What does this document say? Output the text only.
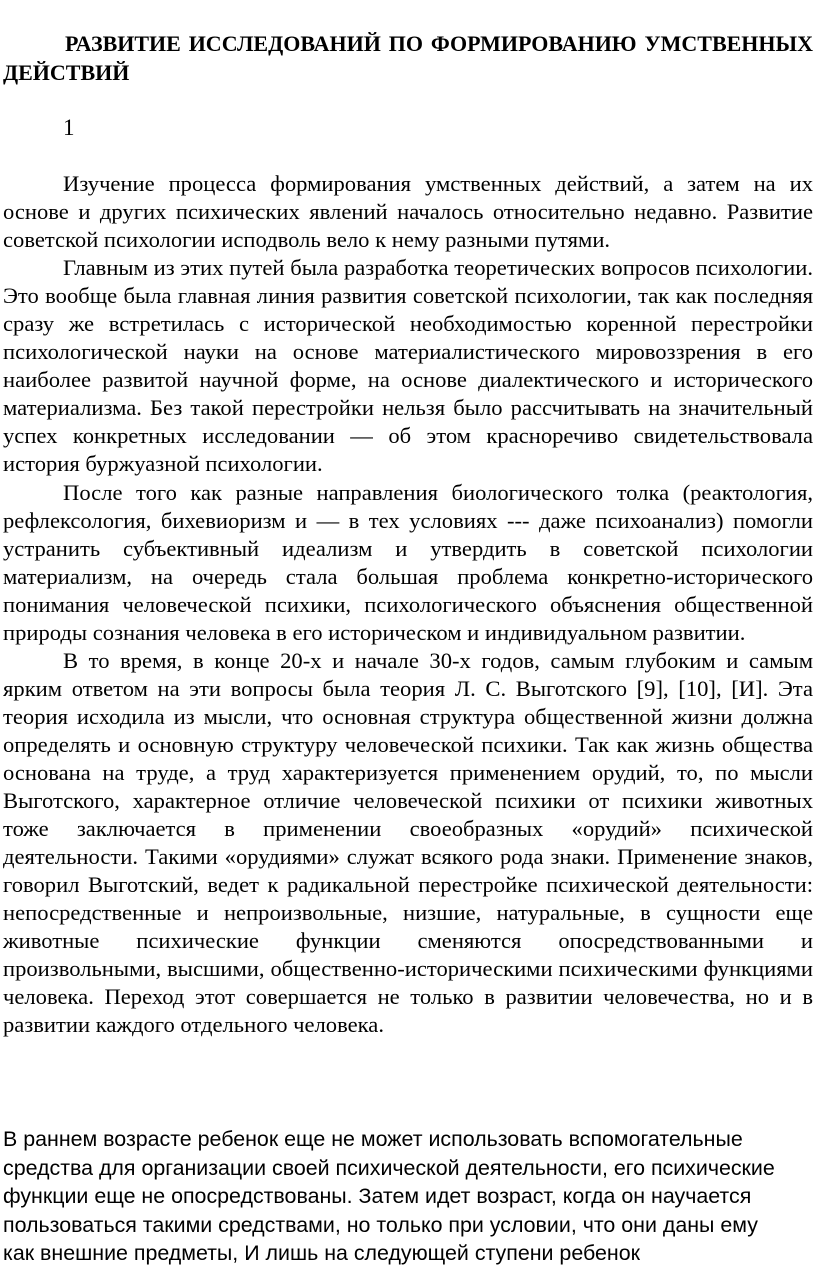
РАЗВИТИЕ ИССЛЕДОВАНИЙ ПО ФОРМИРОВАНИЮ УМСТВЕННЫХ ДЕЙСТВИЙ
1

Изучение процесса формирования умственных действий, а затем на их основе и других психических явлений началось относительно недавно. Развитие советской психологии исподволь вело к нему разными путями.

Главным из этих путей была разработка теоретических вопросов психологии. Это вообще была главная линия развития советской психологии, так как последняя сразу же встретилась с исторической необходимостью коренной перестройки психологической науки на основе материалистического мировоззрения в его наиболее развитой научной форме, на основе диалектического и исторического материализма. Без такой перестройки нельзя было рассчитывать на значительный успех конкретных исследовании — об этом красноречиво свидетельствовала история буржуазной психологии.

После того как разные направления биологического толка (реактология, рефлексология, бихевиоризм и — в тех условиях --- даже психоанализ) помогли устранить субъективный идеализм и утвердить в советской психологии материализм, на очередь стала большая проблема конкретно-исторического понимания человеческой психики, психологического объяснения общественной природы сознания человека в его историческом и индивидуальном развитии.

В то время, в конце 20-х и начале 30-х годов, самым глубоким и самым ярким ответом на эти вопросы была теория Л. С. Выготского [9], [10], [И]. Эта теория исходила из мысли, что основная структура общественной жизни должна определять и основную структуру человеческой психики. Так как жизнь общества основана на труде, а труд характеризуется применением орудий, то, по мысли Выготского, характерное отличие человеческой психики от психики животных тоже заключается в применении своеобразных «орудий» психической деятельности. Такими «орудиями» служат всякого рода знаки. Применение знаков, говорил Выготский, ведет к радикальной перестройке психической деятельности: непосредственные и непроизвольные, низшие, натуральные, в сущности еще животные психические функции сменяются опосредствованными и произвольными, высшими, общественно-историческими психическими функциями человека. Переход этот совершается не только в развитии человечества, но и в развитии каждого отдельного человека.

В раннем возрасте ребенок еще не может использовать вспомогательные
средства для организации своей психической деятельности, его психические
функции еще не опосредствованы. Затем идет возраст, когда он научается
пользоваться такими средствами, но только при условии, что они даны ему
как внешние предметы, И лишь на следующей ступени ребенок
